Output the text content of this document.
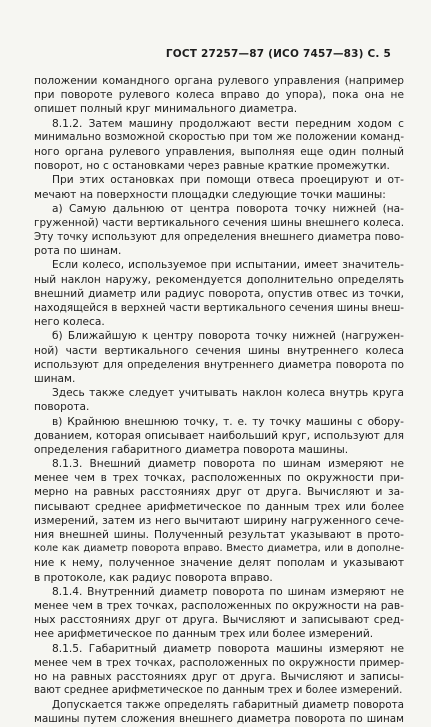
ГОСТ 27257—87 (ИСО 7457—83) С. 5
положении командного органа рулевого управления (например
при повороте рулевого колеса вправо до упора), пока она не
опишет полный круг минимального диаметра.
8.1.2. Затем машину продолжают вести передним ходом с
минимально возможной скоростью при том же положении команд-
ного органа рулевого управления, выполняя еще один полный
поворот, но с остановками через равные краткие промежутки.
При этих остановках при помощи отвеса проецируют и от-
мечают на поверхности площадки следующие точки машины:
а) Самую дальнюю от центра поворота точку нижней (на-
груженной) части вертикального сечения шины внешнего колеса.
Эту точку используют для определения внешнего диаметра пово-
рота по шинам.
Если колесо, используемое при испытании, имеет значитель-
ный наклон наружу, рекомендуется дополнительно определять
внешний диаметр или радиус поворота, опустив отвес из точки,
находящейся в верхней части вертикального сечения шины внеш-
него колеса.
б) Ближайшую к центру поворота точку нижней (нагружен-
ной) части вертикального сечения шины внутреннего колеса
используют для определения внутреннего диаметра поворота по
шинам.
Здесь также следует учитывать наклон колеса внутрь круга
поворота.
в) Крайнюю внешнюю точку, т. е. ту точку машины с обору-
дованием, которая описывает наибольший круг, используют для
определения габаритного диаметра поворота машины.
8.1.3. Внешний диаметр поворота по шинам измеряют не
менее чем в трех точках, расположенных по окружности при-
мерно на равных расстояниях друг от друга. Вычисляют и за-
писывают среднее арифметическое по данным трех или более
измерений, затем из него вычитают ширину нагруженного сече-
ния внешней шины. Полученный результат указывают в прото-
коле как диаметр поворота вправо. Вместо диаметра, или в дополне-
ние к нему, полученное значение делят пополам и указывают
в протоколе, как радиус поворота вправо.
8.1.4. Внутренний диаметр поворота по шинам измеряют не
менее чем в трех точках, расположенных по окружности на рав-
ных расстояниях друг от друга. Вычисляют и записывают сред-
нее арифметическое по данным трех или более измерений.
8.1.5. Габаритный диаметр поворота машины измеряют не
менее чем в трех точках, расположенных по окружности пример-
но на равных расстояниях друг от друга. Вычисляют и записы-
вают среднее арифметическое по данным трех и более измерений.
Допускается также определять габаритный диаметр поворота
машины путем сложения внешнего диаметра поворота по шинам
